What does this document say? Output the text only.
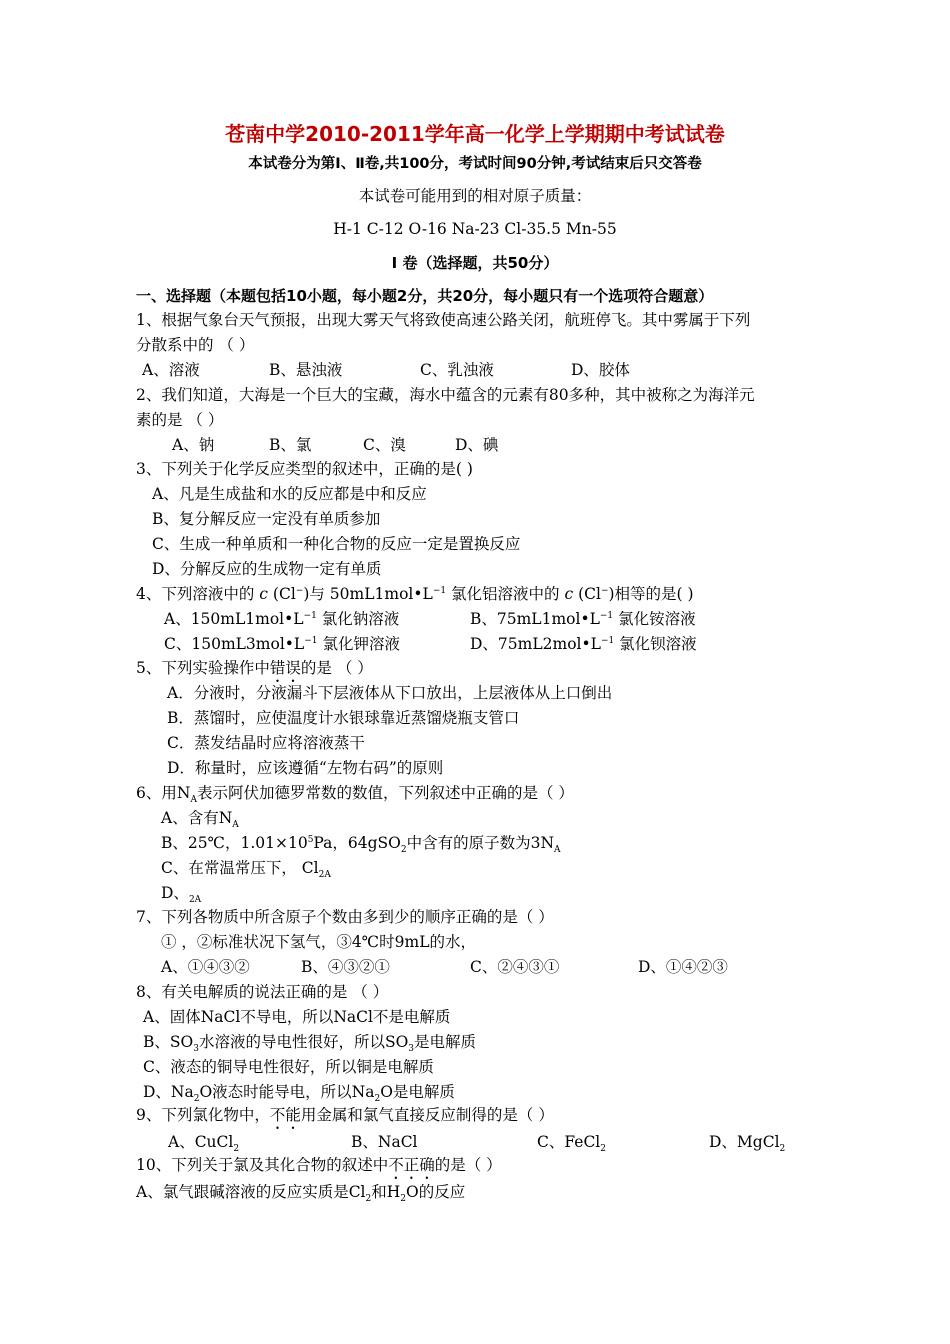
苍南中学2010-2011学年高一化学上学期期中考试试卷
本试卷分为第Ⅰ、Ⅱ卷,共100分，考试时间90分钟,考试结束后只交答卷
本试卷可能用到的相对原子质量：
H-1 C-12 O-16 Na-23 Cl-35.5 Mn-55
Ⅰ 卷（选择题，共50分）
一、选择题（本题包括10小题，每小题2分，共20分，每小题只有一个选项符合题意）
1、根据气象台天气预报，出现大雾天气将致使高速公路关闭，航班停飞。其中雾属于下列
分散系中的 （ ）
A、溶液	B、悬浊液	C、乳浊液	D、胶体
2、我们知道，大海是一个巨大的宝藏，海水中蕴含的元素有80多种，其中被称之为海洋元
素的是 （ ）
A、钠	B、氯	C、溴	D、碘
3、下列关于化学反应类型的叙述中，正确的是( )
A、凡是生成盐和水的反应都是中和反应
B、复分解反应一定没有单质参加
C、生成一种单质和一种化合物的反应一定是置换反应
D、分解反应的生成物一定有单质
4、下列溶液中的 c (Cl−)与 $50mL1mol•L^{-1}$ 氯化铝溶液中的 c (Cl−)相等的是( )
A、$150mL1mol•L^{-1}$ 氯化钠溶液	B、$75mL1mol•L^{-1}$ 氯化铵溶液
C、$150mL3mol•L^{-1}$ 氯化钾溶液	D、$75mL2mol•L^{-1}$ 氯化钡溶液
5、下列实验操作中错误的是 （ ）
A．分液时，分液漏斗下层液体从下口放出，上层液体从上口倒出
B．蒸馏时，应使温度计水银球靠近蒸馏烧瓶支管口
C．蒸发结晶时应将溶液蒸干
D．称量时，应该遵循“左物右码”的原则
6、用$N_A$表示阿伏加德罗常数的数值，下列叙述中正确的是（ ）
A、含有$N_A$
B、25℃，$1.01\times 10^5Pa$，64gSO$_2$中含有的原子数为$3N_A$
C、在常温常压下， $Cl_{2A}$
D、$_{2A}$
7、下列各物质中所含原子个数由多到少的顺序正确的是（ ）
① ，②标准状况下氢气，③4℃时9mL的水，
A、①④③②	B、④③②①	C、②④③①	D、①④②③
8、有关电解质的说法正确的是 （ ）
A、固体NaCl不导电，所以NaCl不是电解质
B、$SO_3$水溶液的导电性很好，所以$SO_3$是电解质
C、液态的铜导电性很好，所以铜是电解质
D、$Na_2O$液态时能导电，所以$Na_2O$是电解质
9、下列氯化物中，不能用金属和氯气直接反应制得的是（ ）
A、CuCl$_2$	B、NaCl	C、FeCl$_2$	D、MgCl$_2$
10、下列关于氯及其化合物的叙述中不正确的是（ ）
A、氯气跟碱溶液的反应实质是$Cl_2$和$H_2O$的反应
